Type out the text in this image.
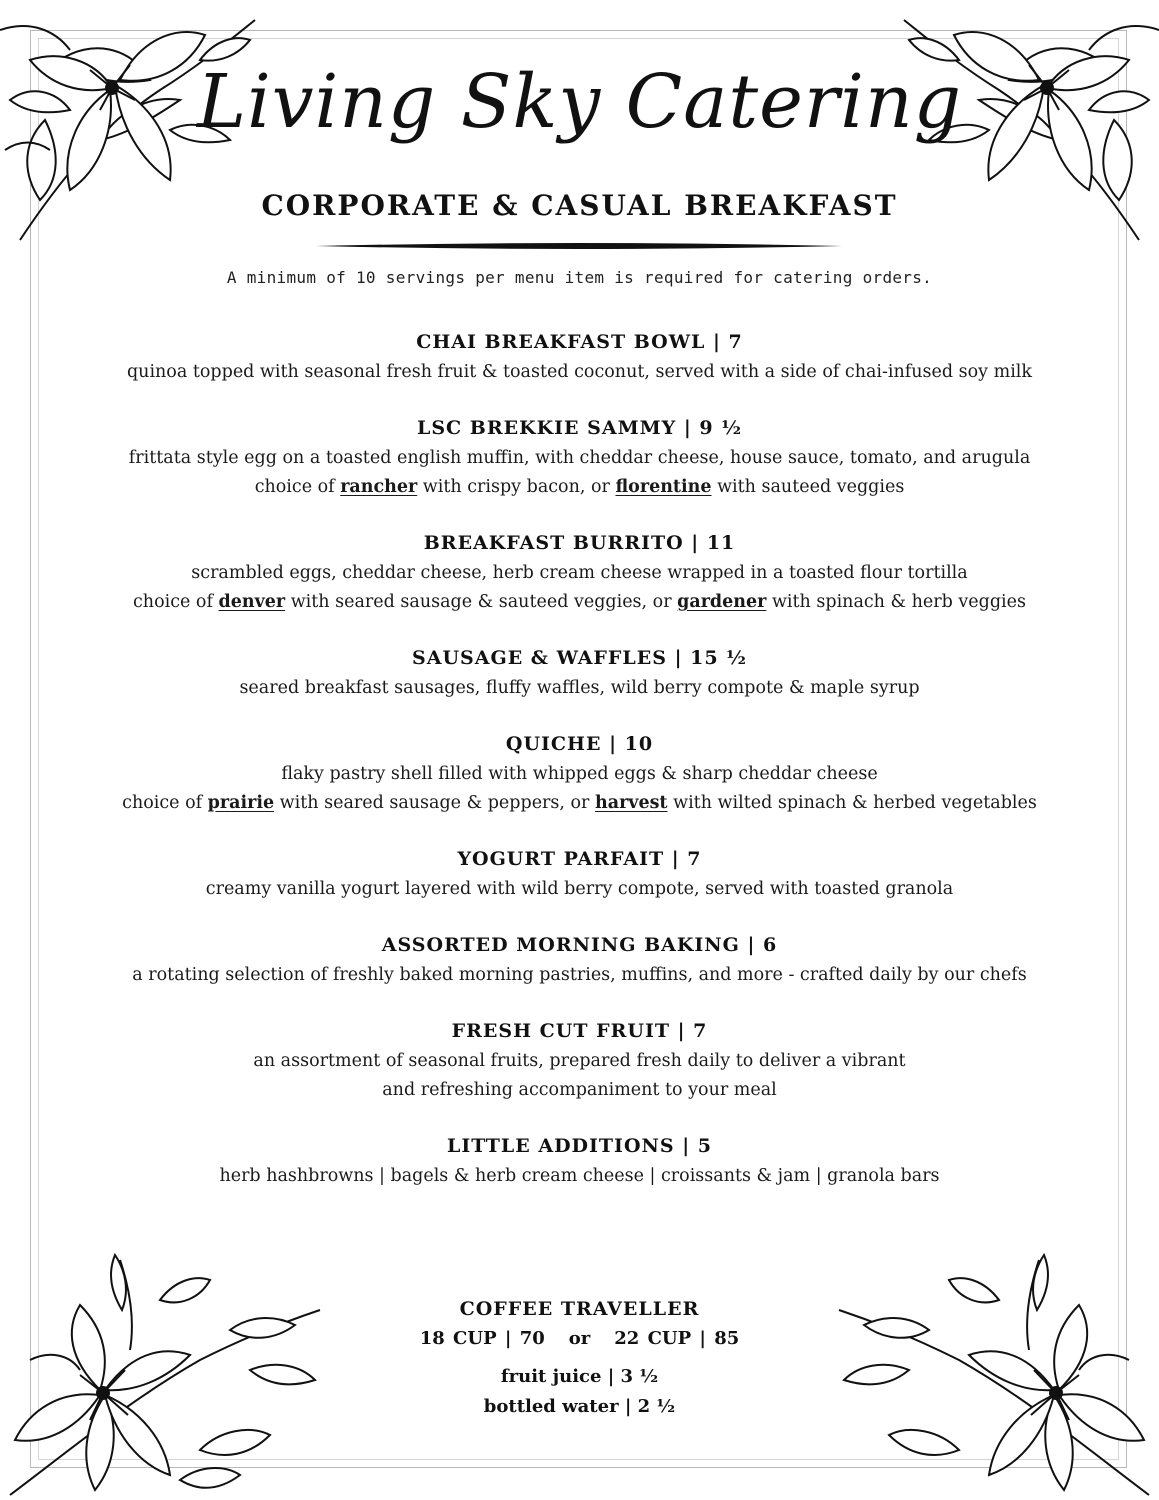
Living Sky Catering
CORPORATE & CASUAL BREAKFAST
A minimum of 10 servings per menu item is required for catering orders.
CHAI BREAKFAST BOWL | 7
quinoa topped with seasonal fresh fruit & toasted coconut, served with a side of chai-infused soy milk
LSC BREKKIE SAMMY | 9 ½
frittata style egg on a toasted english muffin, with cheddar cheese, house sauce, tomato, and arugula
choice of rancher with crispy bacon, or florentine with sauteed veggies
BREAKFAST BURRITO | 11
scrambled eggs, cheddar cheese, herb cream cheese wrapped in a toasted flour tortilla
choice of denver with seared sausage & sauteed veggies, or gardener with spinach & herb veggies
SAUSAGE & WAFFLES | 15 ½
seared breakfast sausages, fluffy waffles, wild berry compote & maple syrup
QUICHE | 10
flaky pastry shell filled with whipped eggs & sharp cheddar cheese
choice of prairie with seared sausage & peppers, or harvest with wilted spinach & herbed vegetables
YOGURT PARFAIT | 7
creamy vanilla yogurt layered with wild berry compote, served with toasted granola
ASSORTED MORNING BAKING | 6
a rotating selection of freshly baked morning pastries, muffins, and more - crafted daily by our chefs
FRESH CUT FRUIT | 7
an assortment of seasonal fruits, prepared fresh daily to deliver a vibrant
and refreshing accompaniment to your meal
LITTLE ADDITIONS | 5
herb hashbrowns | bagels & herb cream cheese | croissants & jam | granola bars
COFFEE TRAVELLER
18 CUP | 70 or 22 CUP | 85
fruit juice | 3 ½
bottled water | 2 ½
